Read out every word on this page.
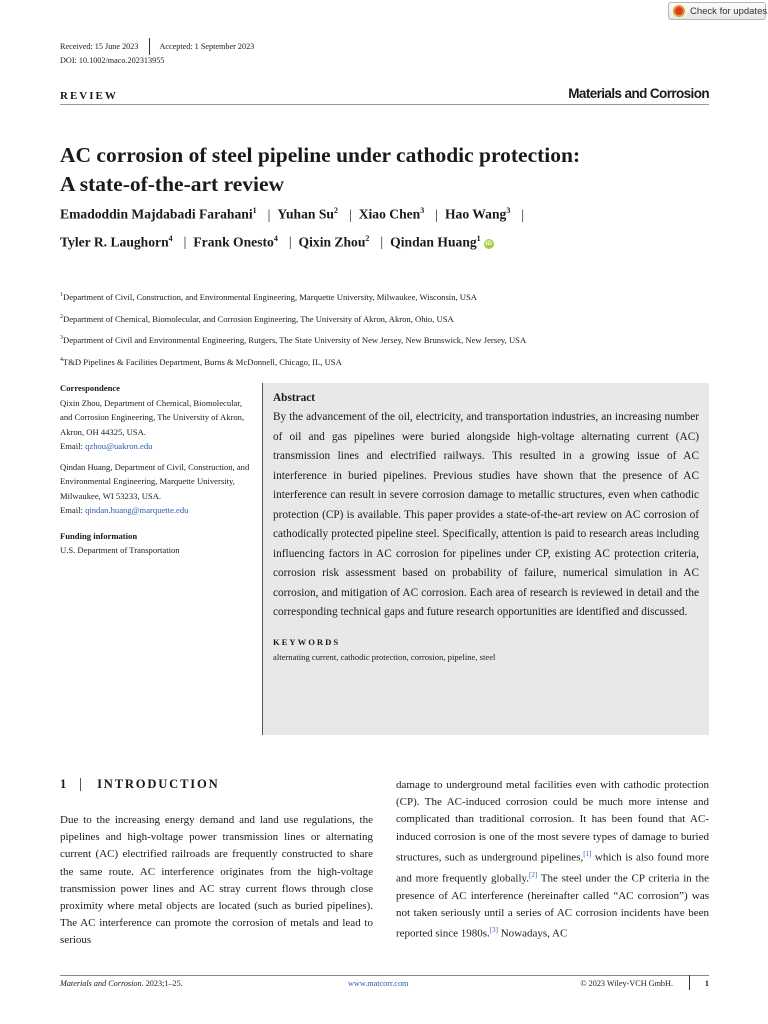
Check for updates
Received: 15 June 2023	Accepted: 1 September 2023
DOI: 10.1002/maco.202313955
REVIEW	Materials and Corrosion
AC corrosion of steel pipeline under cathodic protection:
A state-of-the-art review
Emadoddin Majdabadi Farahani$^1$ | Yuhan Su$^2$ | Xiao Chen$^3$ | Hao Wang$^3$ |
Tyler R. Laughorn$^4$ | Frank Onesto$^4$ | Qixin Zhou$^2$ | Qindan Huang$^1$iD
$^1$Department of Civil, Construction, and Environmental Engineering, Marquette University, Milwaukee, Wisconsin, USA
$^2$Department of Chemical, Biomolecular, and Corrosion Engineering, The University of Akron, Akron, Ohio, USA
$^3$Department of Civil and Environmental Engineering, Rutgers, The State University of New Jersey, New Brunswick, New Jersey, USA
$^4$T&D Pipelines & Facilities Department, Burns & McDonnell, Chicago, IL, USA
Correspondence
Qixin Zhou, Department of Chemical, Biomolecular, and Corrosion Engineering, The University of Akron, Akron, OH 44325, USA.
Email: qzhou@uakron.edu
Qindan Huang, Department of Civil, Construction, and Environmental Engineering, Marquette University, Milwaukee, WI 53233, USA.
Email: qindan.huang@marquette.edu
Funding information
U.S. Department of Transportation
Abstract

By the advancement of the oil, electricity, and transportation industries, an increasing number of oil and gas pipelines were buried alongside high-voltage alternating current (AC) transmission lines and electrified railways. This resulted in a growing issue of AC interference in buried pipelines. Previous studies have shown that the presence of AC interference can result in severe corrosion damage to metallic structures, even when cathodic protection (CP) is available. This paper provides a state-of-the-art review on AC corrosion of cathodically protected pipeline steel. Specifically, attention is paid to research areas including influencing factors in AC corrosion for pipelines under CP, existing AC protection criteria, corrosion risk assessment based on probability of failure, numerical simulation in AC corrosion, and mitigation of AC corrosion. Each area of research is reviewed in detail and the corresponding technical gaps and future research opportunities are identified and discussed.

KEYWORDS
alternating current, cathodic protection, corrosion, pipeline, steel
1 INTRODUCTION

Due to the increasing energy demand and land use regulations, the pipelines and high-voltage power transmission lines or alternating current (AC) electrified railroads are frequently constructed to share the same route. AC interference originates from the high-voltage transmission power lines and AC stray current flows through close proximity where metal objects are located (such as buried pipelines). The AC interference can promote the corrosion of metals and lead to serious

damage to underground metal facilities even with cathodic protection (CP). The AC-induced corrosion could be much more intense and complicated than traditional corrosion. It has been found that AC-induced corrosion is one of the most severe types of damage to buried structures, such as underground pipelines,[1] which is also found more and more frequently globally.[2] The steel under the CP criteria in the presence of AC interference (hereinafter called “AC corrosion”) was not taken seriously until a series of AC corrosion incidents have been reported since 1980s.[3] Nowadays, AC

Materials and Corrosion. 2023;1–25.	www.matcorr.com	© 2023 Wiley-VCH GmbH.	1
